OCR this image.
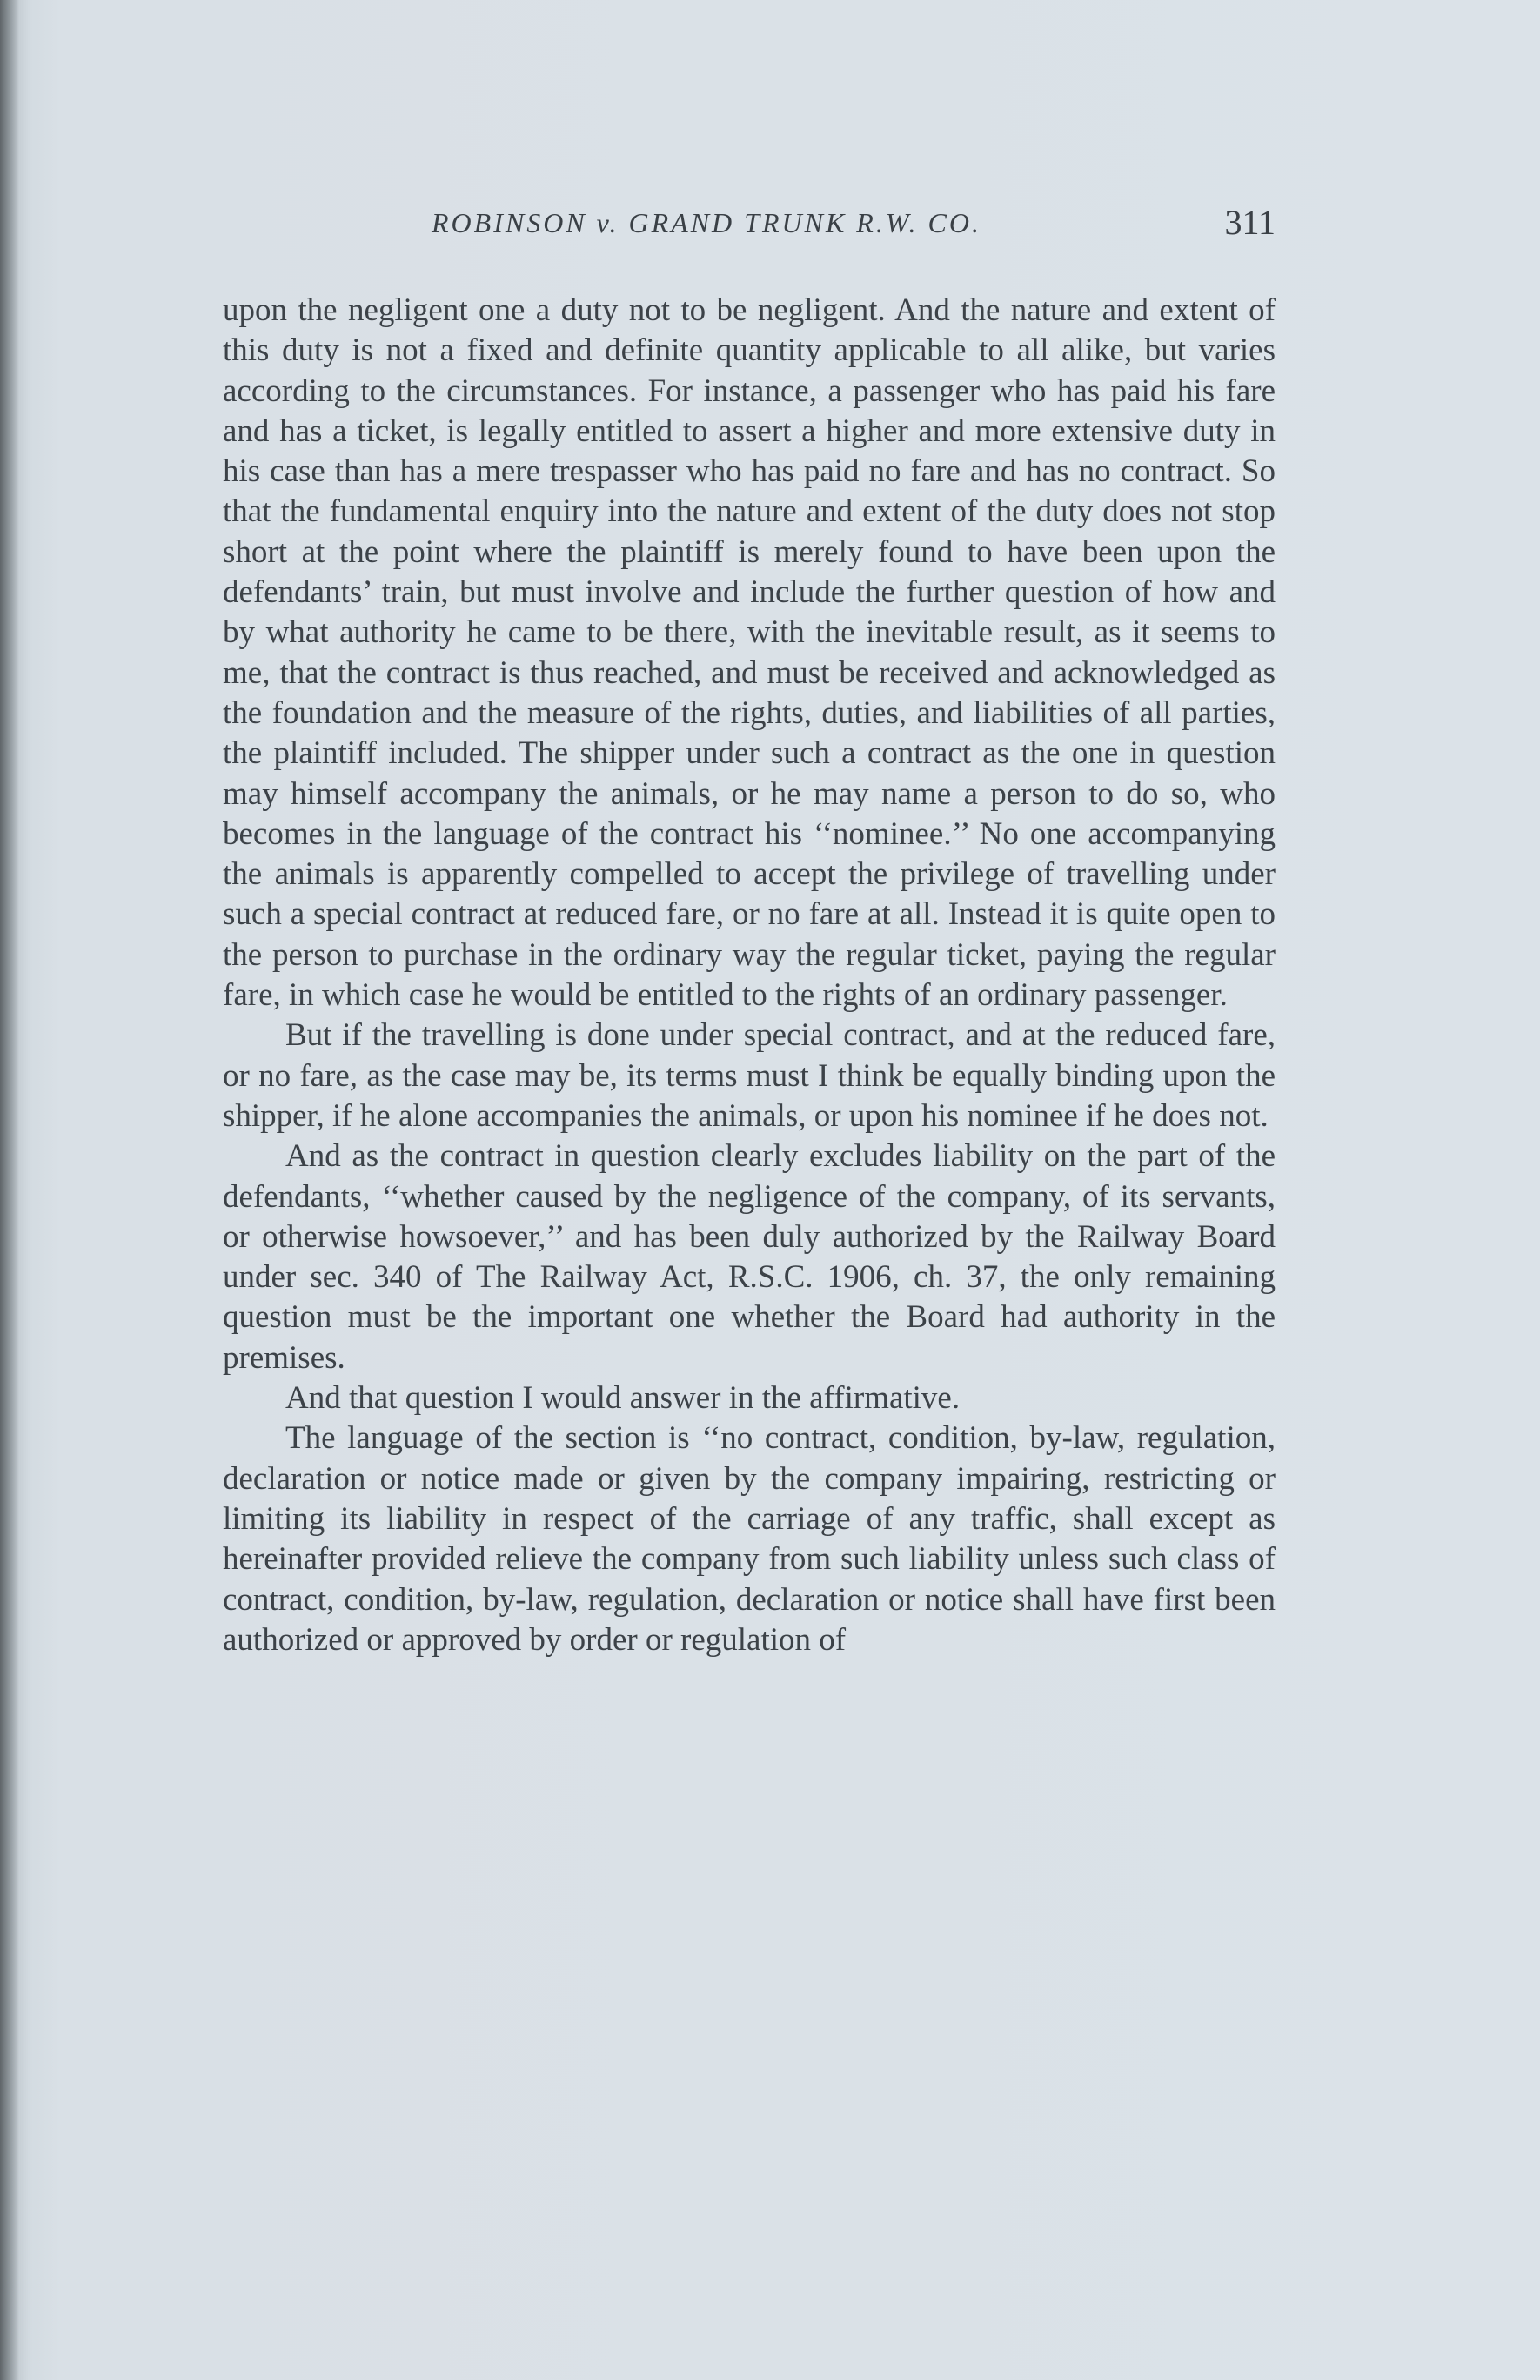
ROBINSON v. GRAND TRUNK R.W. CO.	311

upon the negligent one a duty not to be negligent. And the nature and extent of this duty is not a fixed and definite quantity applicable to all alike, but varies according to the circumstances. For instance, a passenger who has paid his fare and has a ticket, is legally entitled to assert a higher and more extensive duty in his case than has a mere trespasser who has paid no fare and has no contract. So that the fundamental enquiry into the nature and extent of the duty does not stop short at the point where the plaintiff is merely found to have been upon the defendants’ train, but must involve and include the further question of how and by what authority he came to be there, with the inevitable result, as it seems to me, that the contract is thus reached, and must be received and acknowledged as the foundation and the measure of the rights, duties, and liabilities of all parties, the plaintiff included. The shipper under such a contract as the one in question may himself accompany the animals, or he may name a person to do so, who becomes in the language of the contract his ‘‘nominee.’’ No one accompanying the animals is apparently compelled to accept the privilege of travelling under such a special contract at reduced fare, or no fare at all. Instead it is quite open to the person to purchase in the ordinary way the regular ticket, paying the regular fare, in which case he would be entitled to the rights of an ordinary passenger.

But if the travelling is done under special contract, and at the reduced fare, or no fare, as the case may be, its terms must I think be equally binding upon the shipper, if he alone accompanies the animals, or upon his nominee if he does not.

And as the contract in question clearly excludes liability on the part of the defendants, ‘‘whether caused by the negligence of the company, of its servants, or otherwise howsoever,’’ and has been duly authorized by the Railway Board under sec. 340 of The Railway Act, R.S.C. 1906, ch. 37, the only remaining question must be the important one whether the Board had authority in the premises.

And that question I would answer in the affirmative.

The language of the section is ‘‘no contract, condition, by-law, regulation, declaration or notice made or given by the company impairing, restricting or limiting its liability in respect of the carriage of any traffic, shall except as hereinafter provided relieve the company from such liability unless such class of contract, condition, by-law, regulation, declaration or notice shall have first been authorized or approved by order or regulation of
